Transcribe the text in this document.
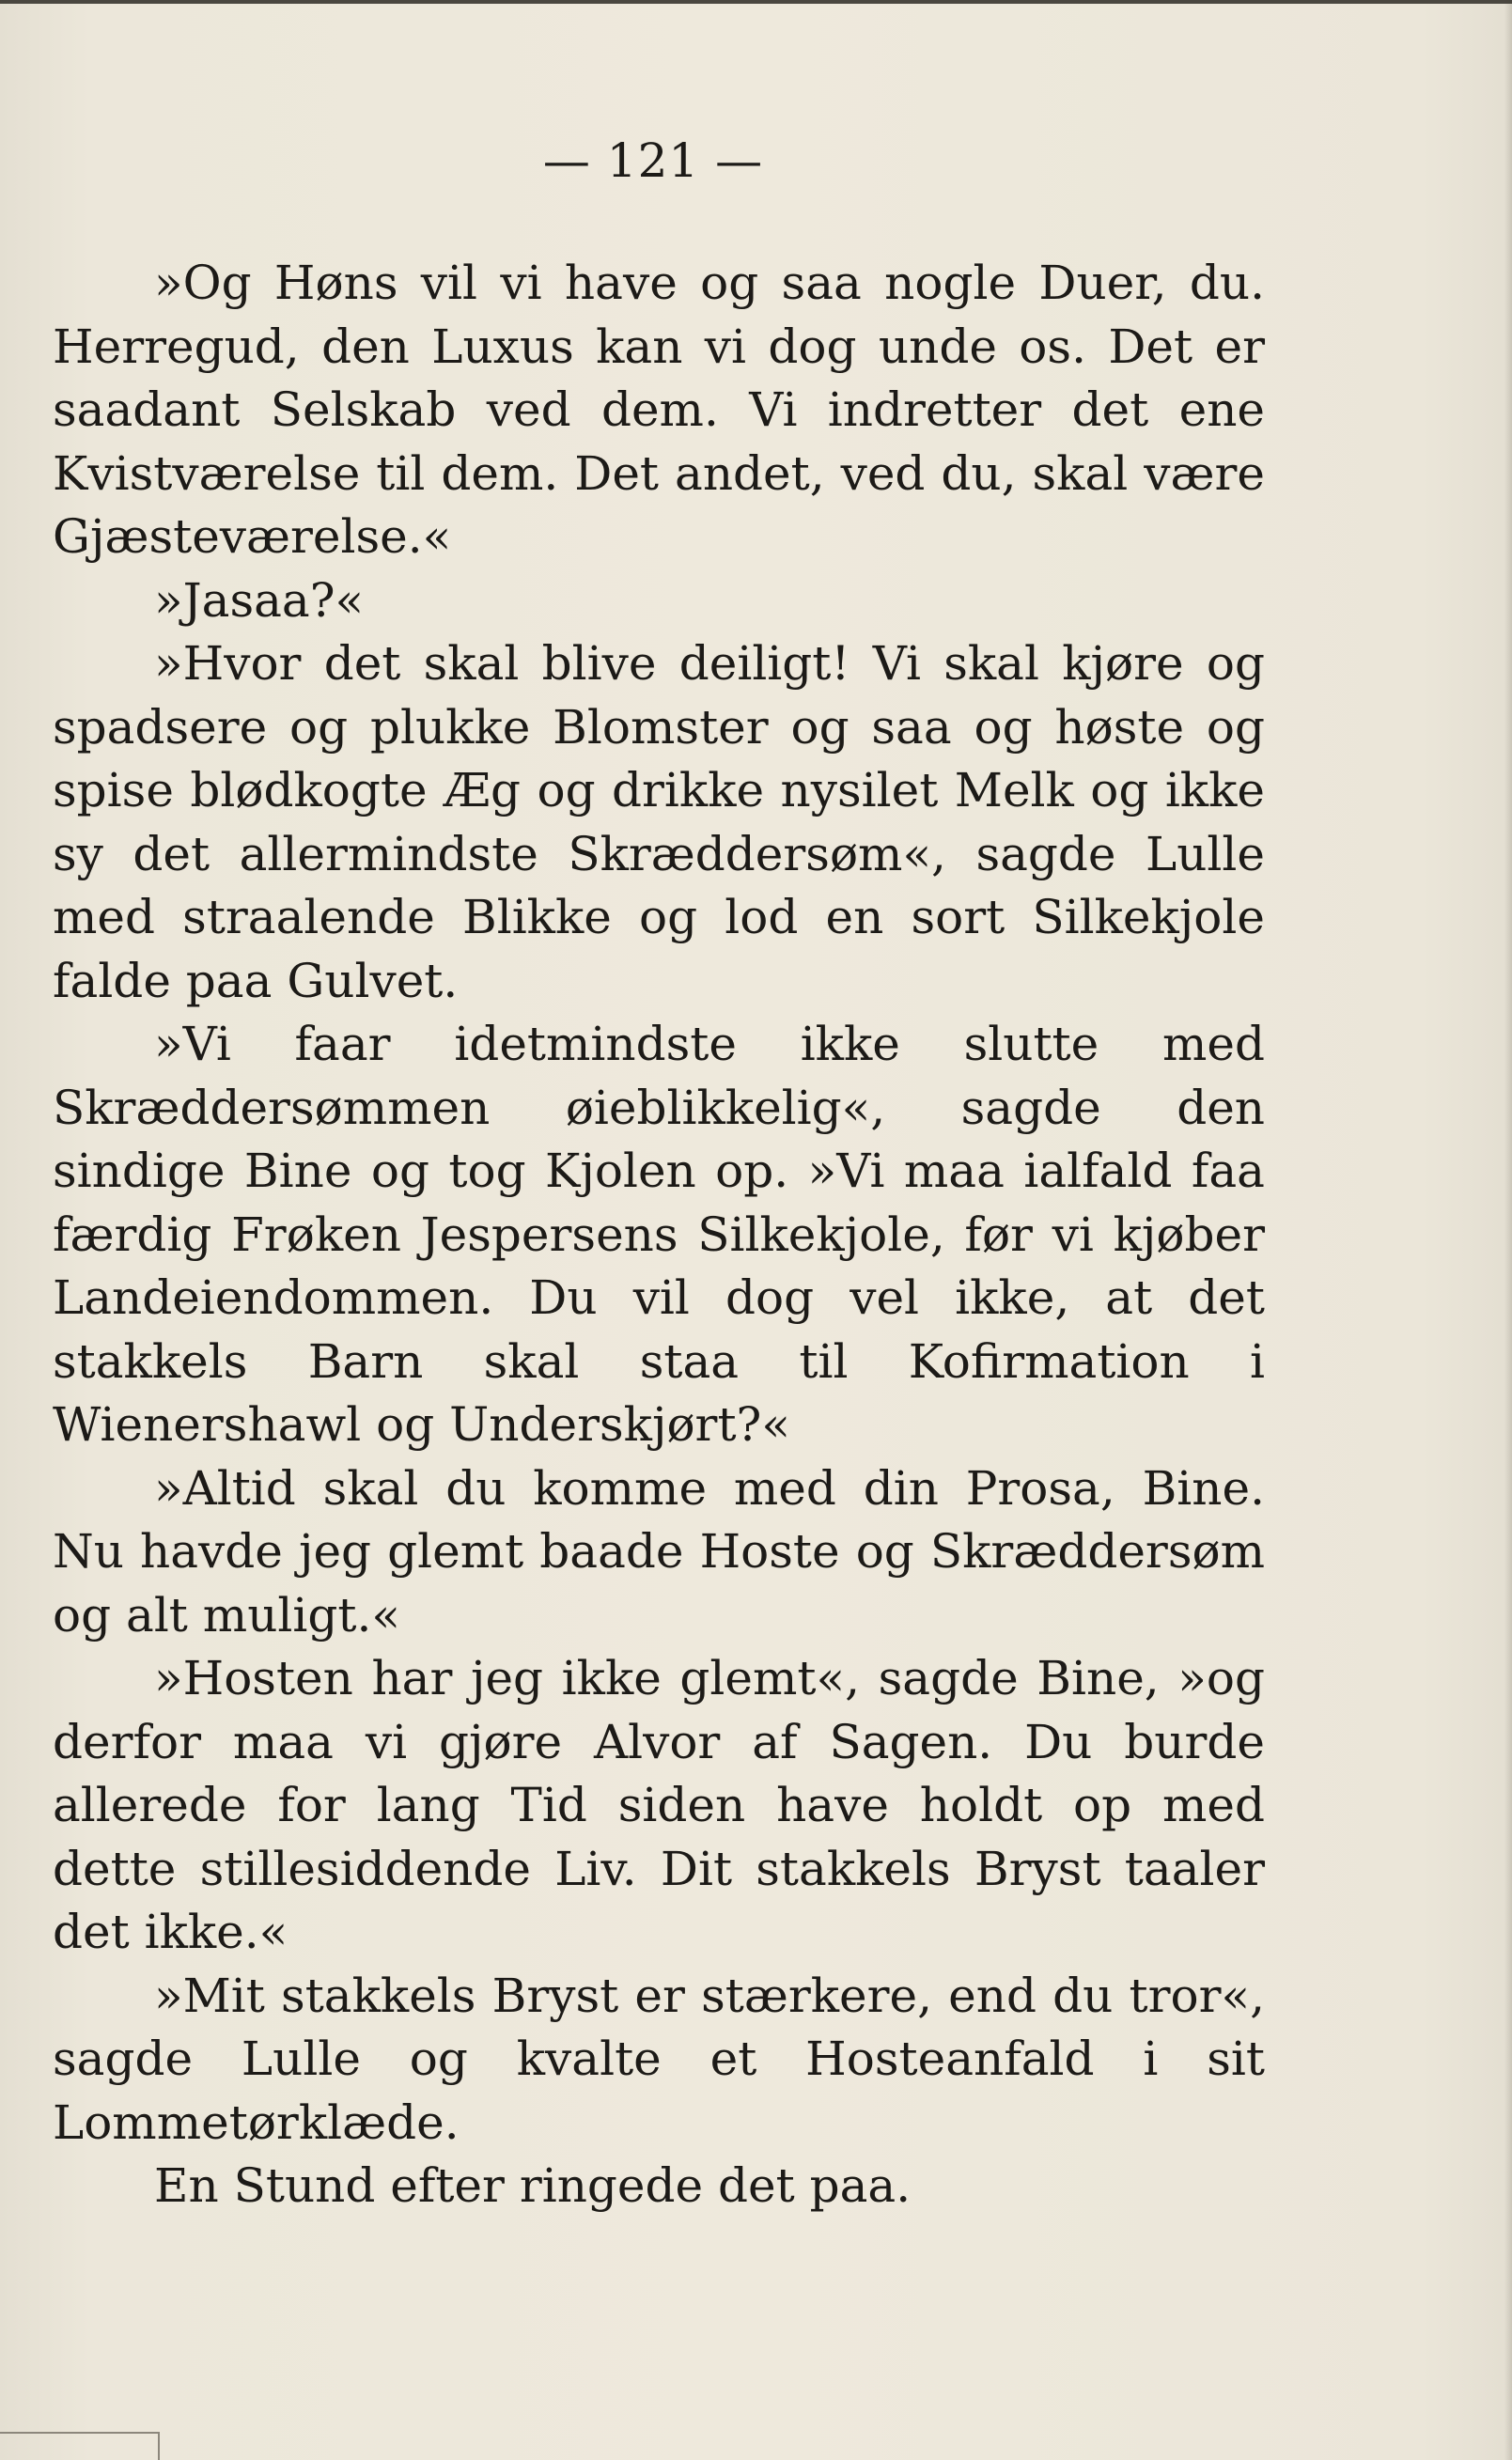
— 121 —

»Og Høns vil vi have og saa nogle Duer, du. Herregud, den Luxus kan vi dog unde os. Det er saadant Selskab ved dem. Vi indretter det ene Kvistværelse til dem. Det andet, ved du, skal være Gjæsteværelse.«

»Jasaa?«

»Hvor det skal blive deiligt! Vi skal kjøre og spadsere og plukke Blomster og saa og høste og spise blødkogte Æg og drikke nysilet Melk og ikke sy det allermindste Skræddersøm«, sagde Lulle med straalende Blikke og lod en sort Silkekjole falde paa Gulvet.

»Vi faar idetmindste ikke slutte med Skræddersømmen øieblikkelig«, sagde den sindige Bine og tog Kjolen op. »Vi maa ialfald faa færdig Frøken Jespersens Silkekjole, før vi kjøber Landeiendommen. Du vil dog vel ikke, at det stakkels Barn skal staa til Kofirmation i Wienershawl og Underskjørt?«

»Altid skal du komme med din Prosa, Bine. Nu havde jeg glemt baade Hoste og Skræddersøm og alt muligt.«

»Hosten har jeg ikke glemt«, sagde Bine, »og derfor maa vi gjøre Alvor af Sagen. Du burde allerede for lang Tid siden have holdt op med dette stillesiddende Liv. Dit stakkels Bryst taaler det ikke.«

»Mit stakkels Bryst er stærkere, end du tror«, sagde Lulle og kvalte et Hosteanfald i sit Lommetørklæde.

En Stund efter ringede det paa.
